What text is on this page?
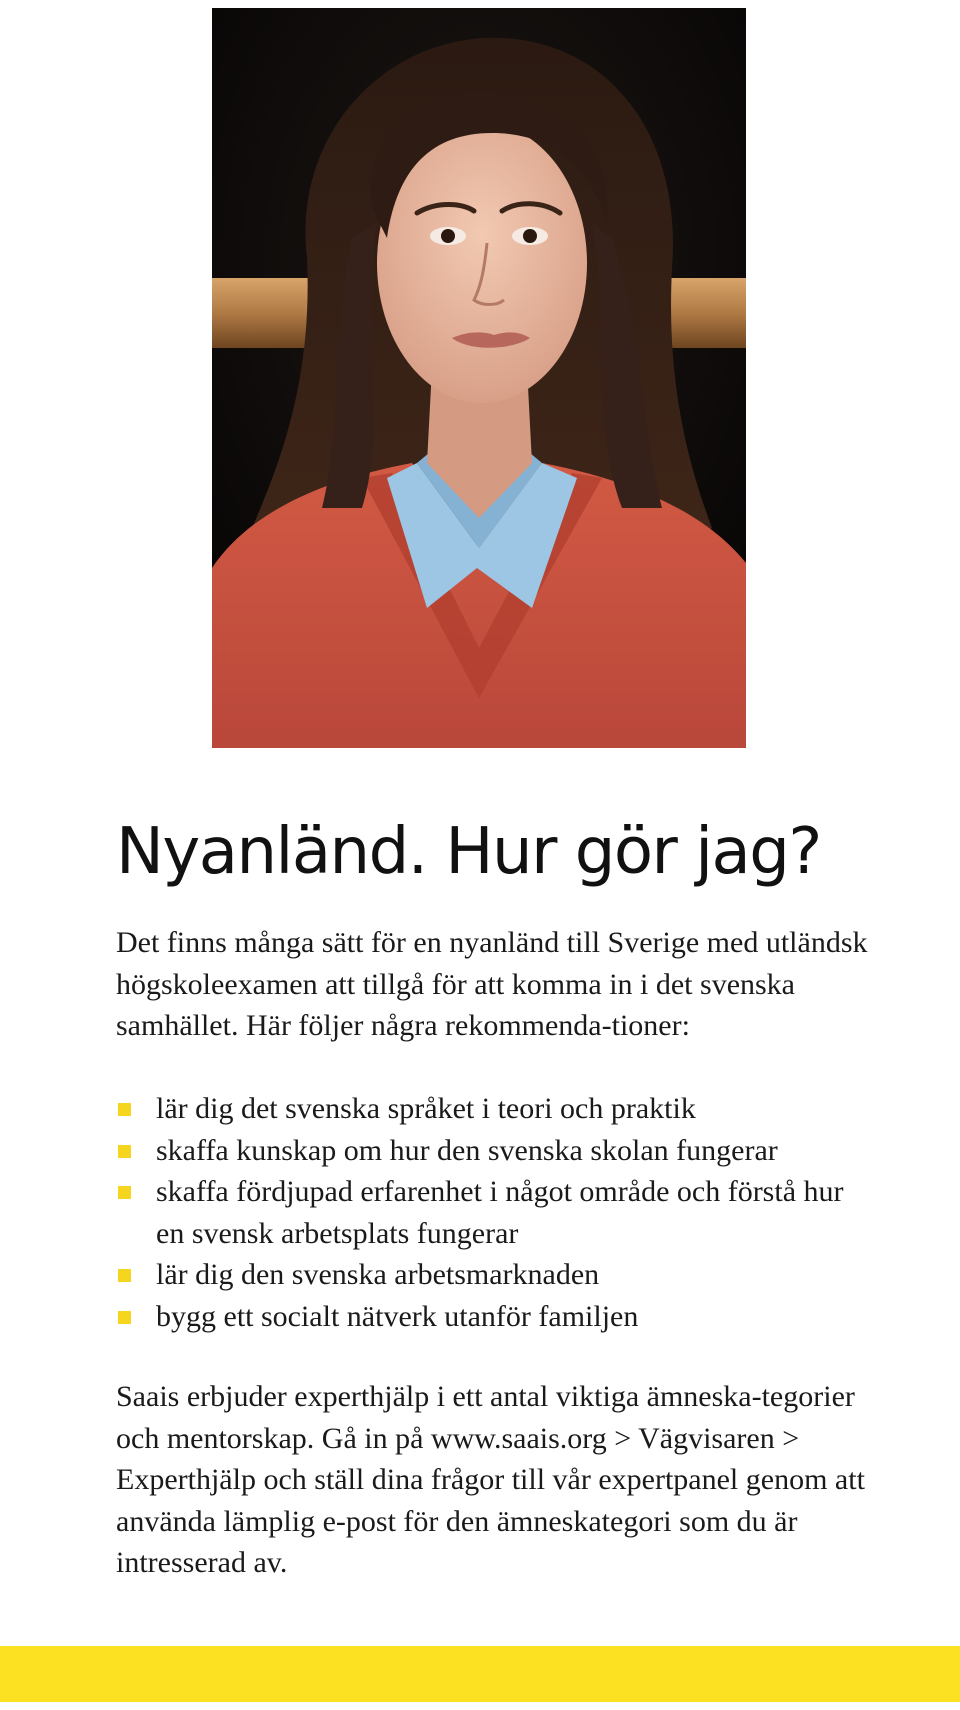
Nyanländ. Hur gör jag?
Det finns många sätt för en nyanländ till Sverige med utländsk högskoleexamen att tillgå för att komma in i det svenska samhället. Här följer några rekommenda-tioner:
lär dig det svenska språket i teori och praktik
skaffa kunskap om hur den svenska skolan fungerar
skaffa fördjupad erfarenhet i något område och förstå hur en svensk arbetsplats fungerar
lär dig den svenska arbetsmarknaden
bygg ett socialt nätverk utanför familjen
Saais erbjuder experthjälp i ett antal viktiga ämneska-tegorier och mentorskap. Gå in på www.saais.org > Vägvisaren > Experthjälp och ställ dina frågor till vår expertpanel genom att använda lämplig e-post för den ämneskategori som du är intresserad av.
